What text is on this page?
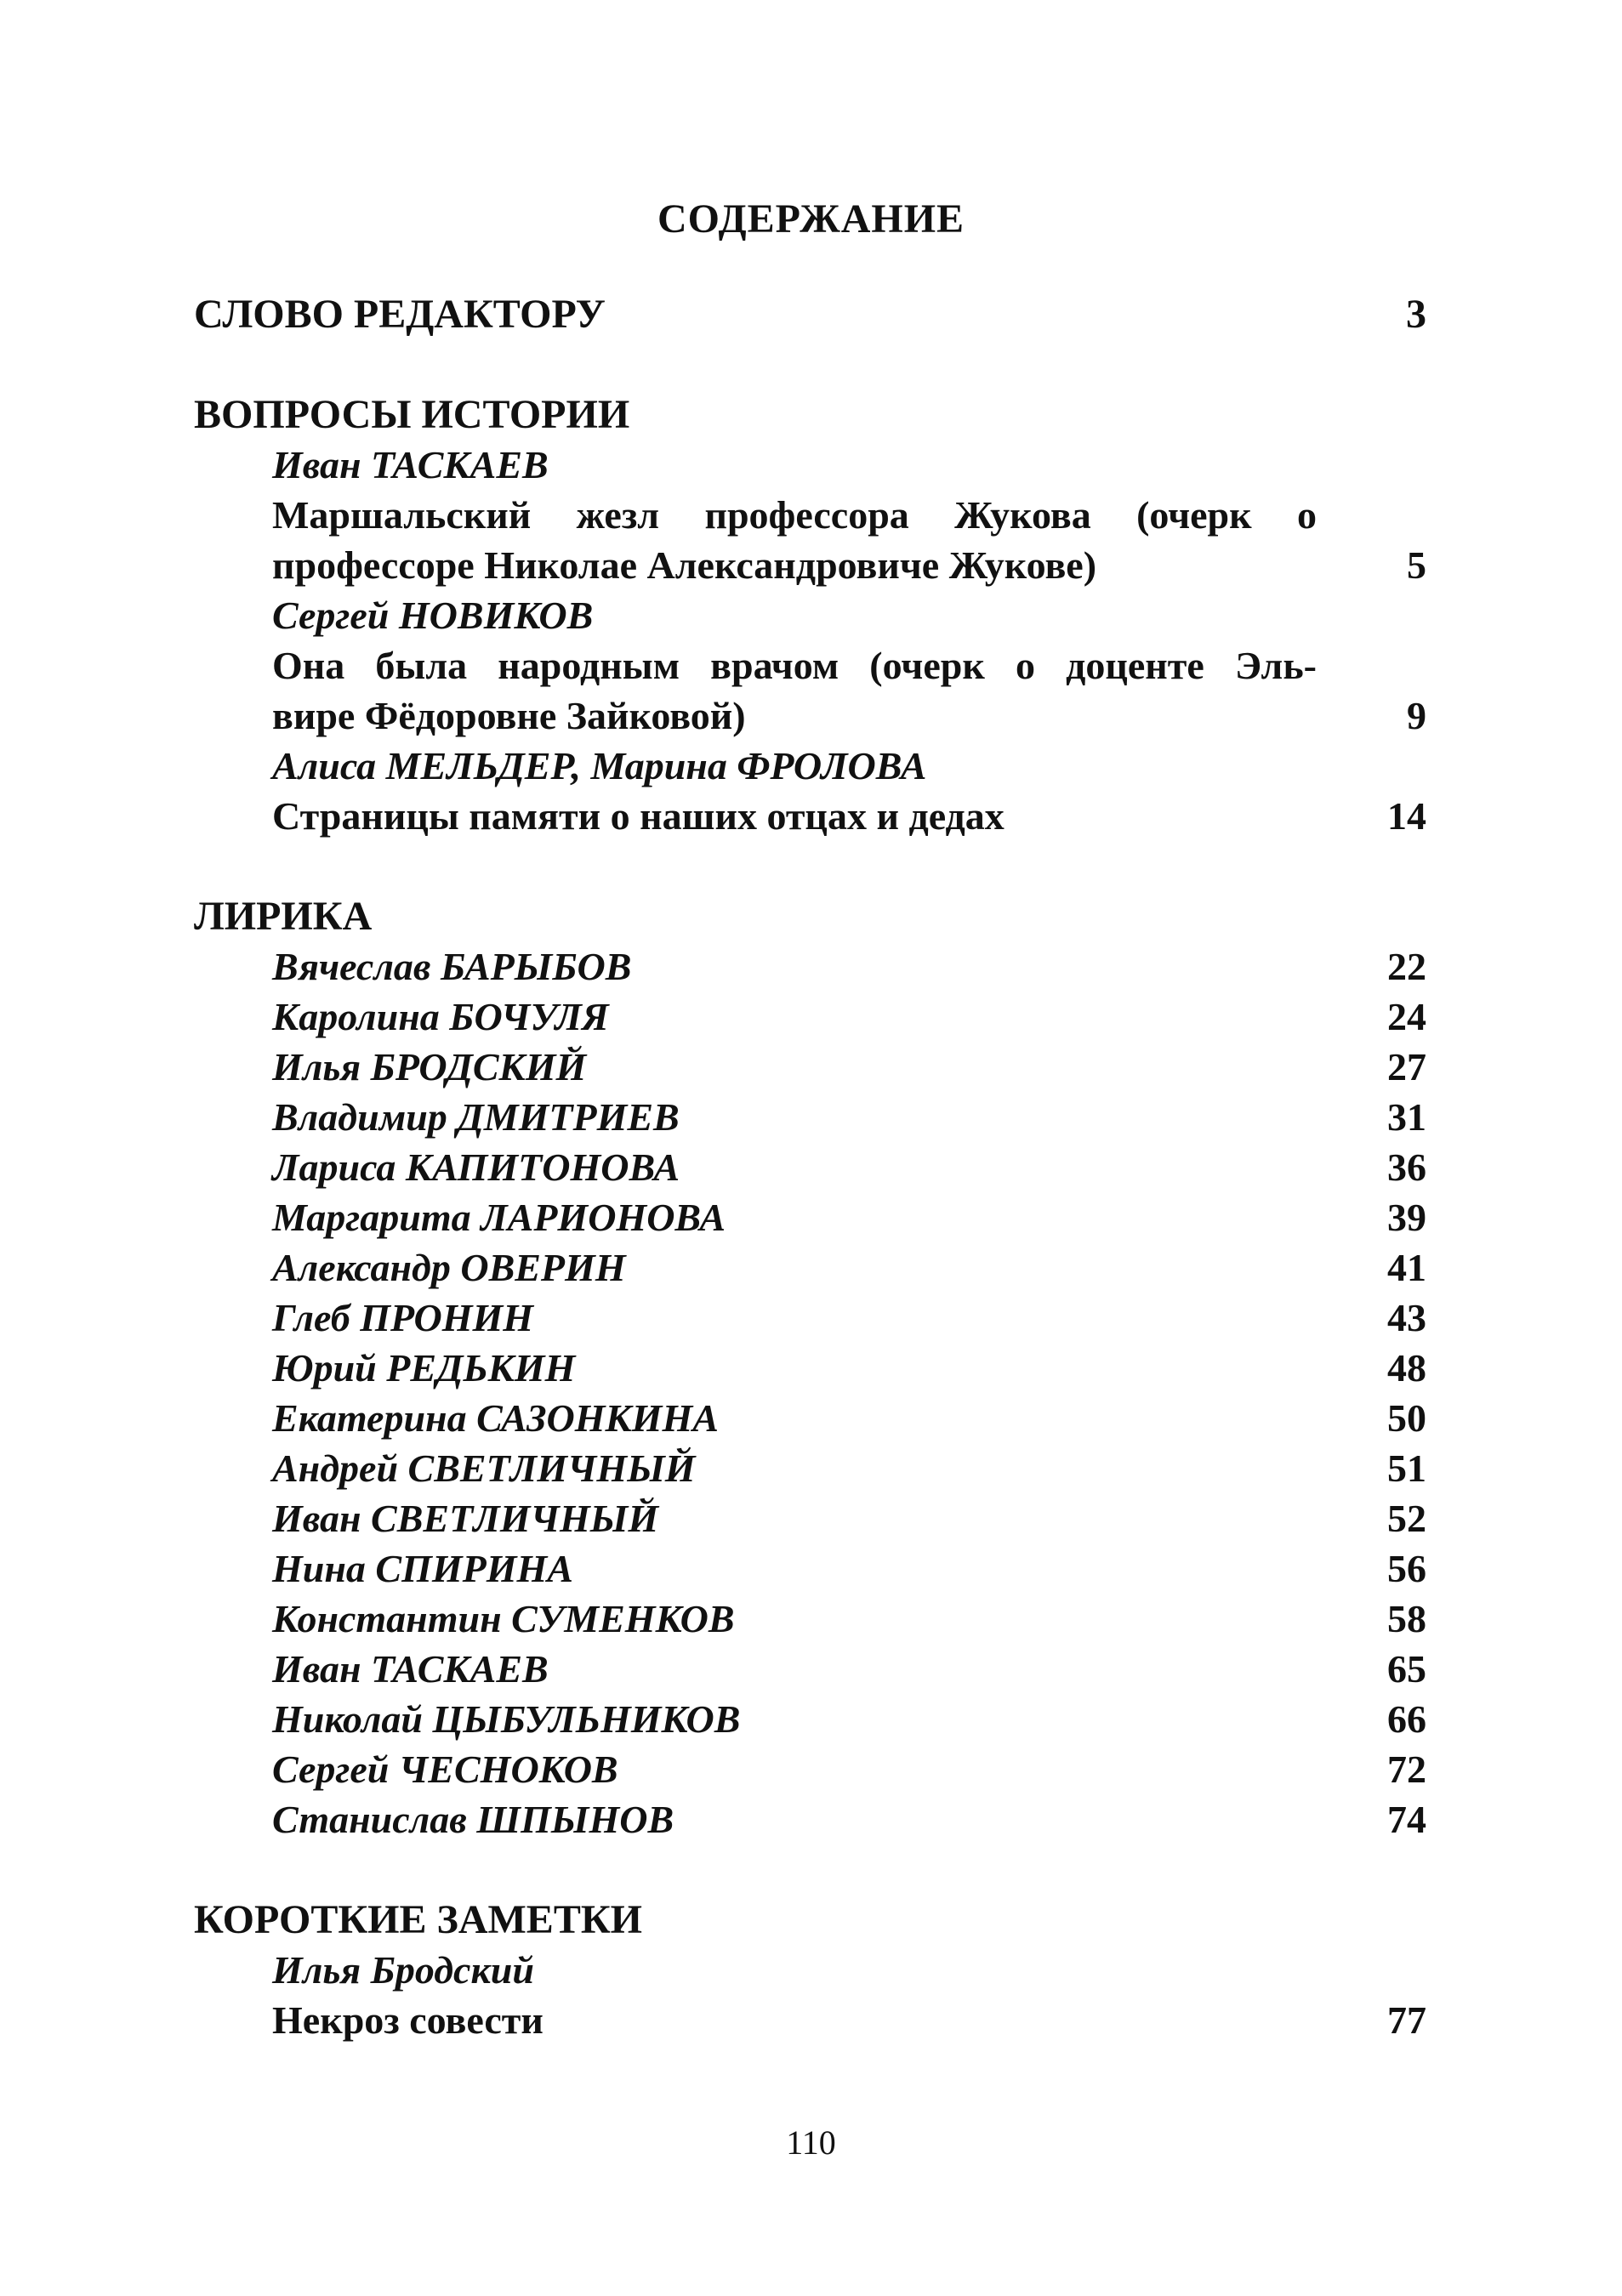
СОДЕРЖАНИЕ
СЛОВО РЕДАКТОРУ	3
ВОПРОСЫ ИСТОРИИ
Иван ТАСКАЕВ
Маршальский жезл профессора Жукова (очерк о
профессоре Николае Александровиче Жукове)	5
Сергей НОВИКОВ
Она была народным врачом (очерк о доценте Эль-
вире Фёдоровне Зайковой)	9
Алиса МЕЛЬДЕР, Марина ФРОЛОВА
Страницы памяти о наших отцах и дедах	14
ЛИРИКА
Вячеслав БАРЫБОВ	22
Каролина БОЧУЛЯ	24
Илья БРОДСКИЙ	27
Владимир ДМИТРИЕВ	31
Лариса КАПИТОНОВА	36
Маргарита ЛАРИОНОВА	39
Александр ОВЕРИН	41
Глеб ПРОНИН	43
Юрий РЕДЬКИН	48
Екатерина САЗОНКИНА	50
Андрей СВЕТЛИЧНЫЙ	51
Иван СВЕТЛИЧНЫЙ	52
Нина СПИРИНА	56
Константин СУМЕНКОВ	58
Иван ТАСКАЕВ	65
Николай ЦЫБУЛЬНИКОВ	66
Сергей ЧЕСНОКОВ	72
Станислав ШПЫНОВ	74
КОРОТКИЕ ЗАМЕТКИ
Илья Бродский
Некроз совести	77
110
